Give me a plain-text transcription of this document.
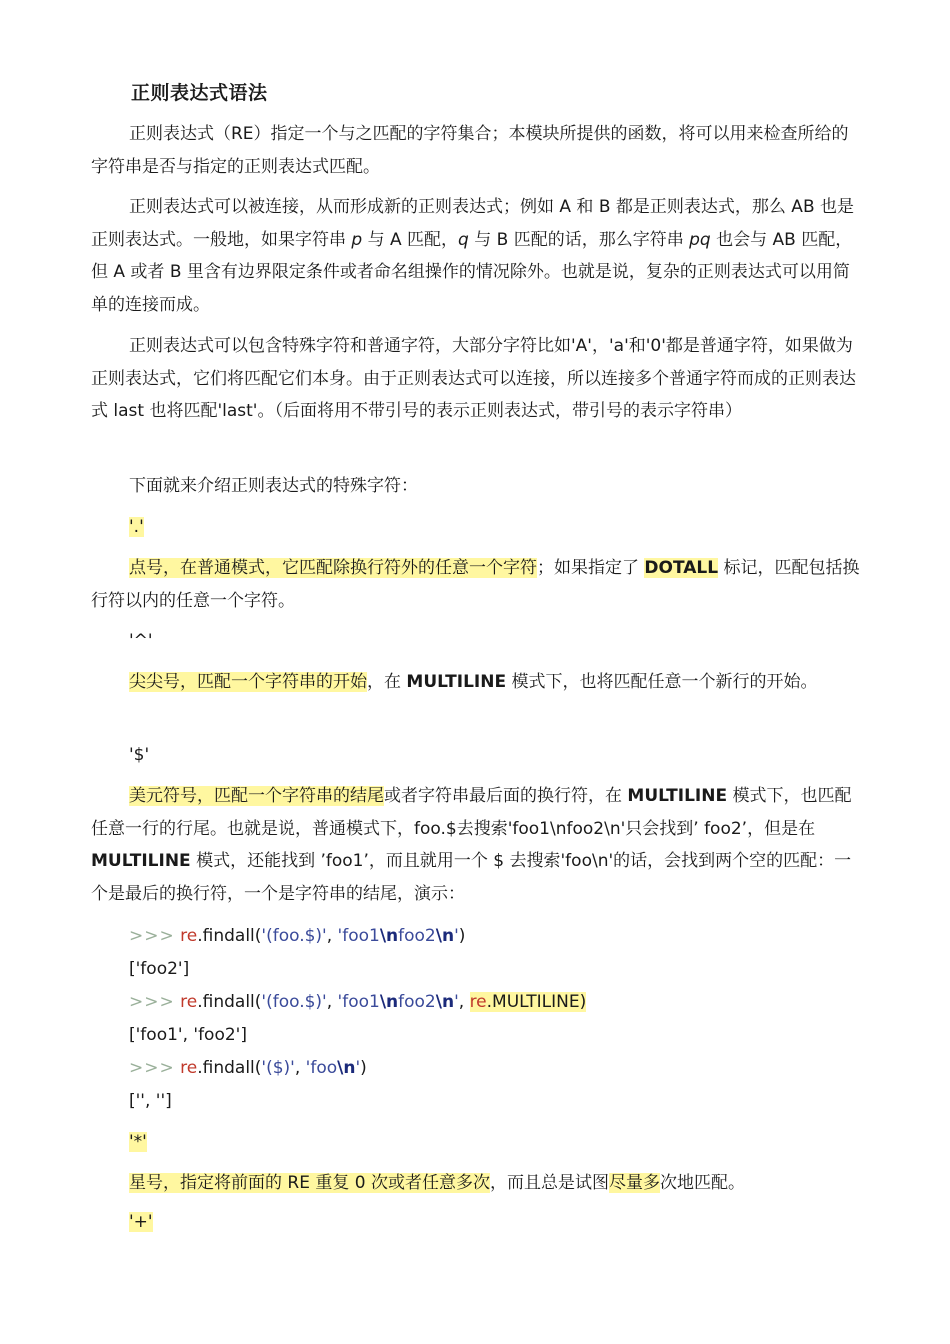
正则表达式语法
正则表达式（RE）指定一个与之匹配的字符集合；本模块所提供的函数，将可以用来检查所给的字符串是否与指定的正则表达式匹配。
正则表达式可以被连接，从而形成新的正则表达式；例如 A 和 B 都是正则表达式，那么 AB 也是正则表达式。一般地，如果字符串 p 与 A 匹配，q 与 B 匹配的话，那么字符串 pq 也会与 AB 匹配，但 A 或者 B 里含有边界限定条件或者命名组操作的情况除外。也就是说，复杂的正则表达式可以用简单的连接而成。
正则表达式可以包含特殊字符和普通字符，大部分字符比如'A'，'a'和'0'都是普通字符，如果做为正则表达式，它们将匹配它们本身。由于正则表达式可以连接，所以连接多个普通字符而成的正则表达式 last 也将匹配'last'。（后面将用不带引号的表示正则表达式，带引号的表示字符串）
下面就来介绍正则表达式的特殊字符：
'.'
点号，在普通模式，它匹配除换行符外的任意一个字符；如果指定了 DOTALL 标记，匹配包括换行符以内的任意一个字符。
'^'
尖尖号，匹配一个字符串的开始，在 MULTILINE 模式下，也将匹配任意一个新行的开始。
'$'
美元符号，匹配一个字符串的结尾或者字符串最后面的换行符，在 MULTILINE 模式下，也匹配任意一行的行尾。也就是说，普通模式下，foo.$去搜索'foo1\nfoo2\n'只会找到’ foo2’，但是在 MULTILINE 模式，还能找到 ’foo1’，而且就用一个 $ 去搜索'foo\n'的话，会找到两个空的匹配：一个是最后的换行符，一个是字符串的结尾，演示：
>>> re.findall('(foo.$)', 'foo1\nfoo2\n')
['foo2']
>>> re.findall('(foo.$)', 'foo1\nfoo2\n', re.MULTILINE)
['foo1', 'foo2']
>>> re.findall('($)', 'foo\n')
['', '']
'*'
星号，指定将前面的 RE 重复 0 次或者任意多次，而且总是试图尽量多次地匹配。
'+'
